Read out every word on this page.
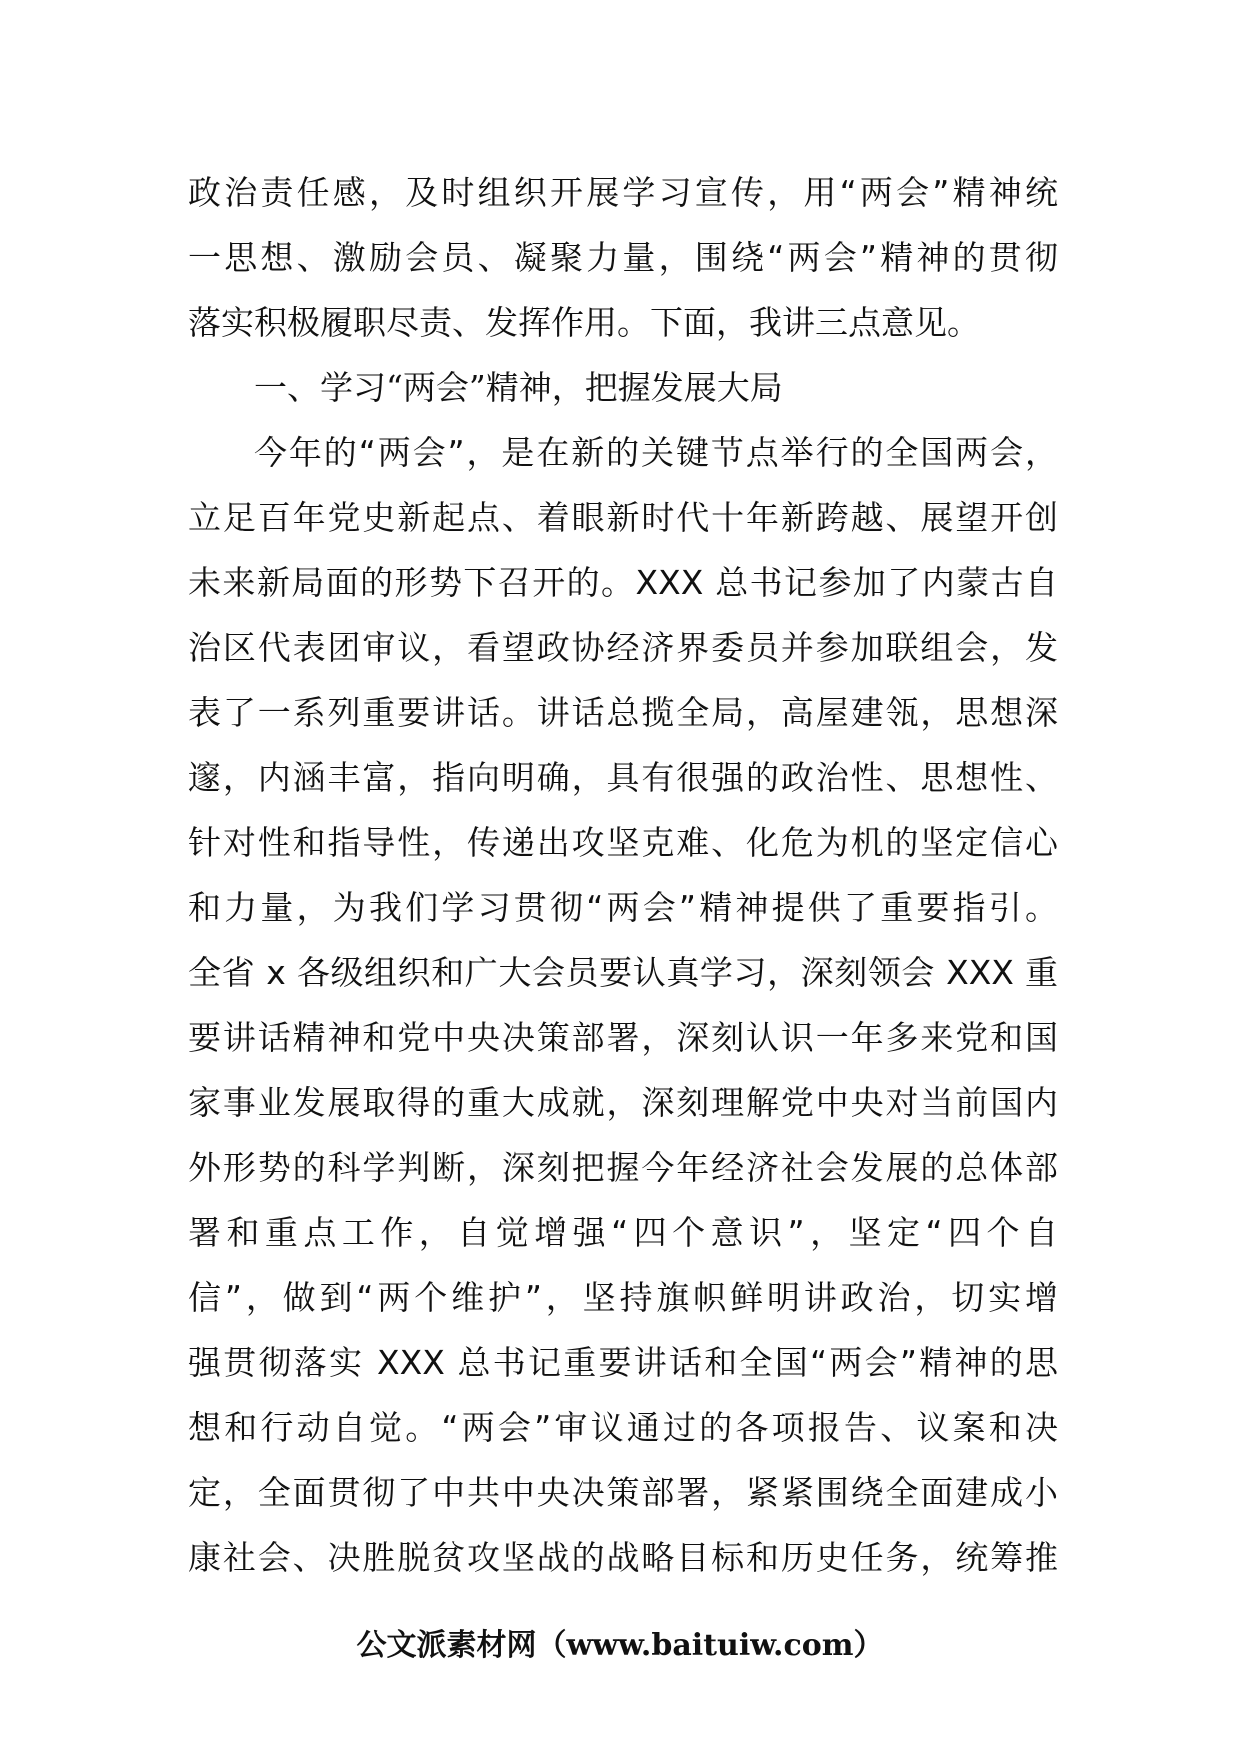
政治责任感，及时组织开展学习宣传，用“两会”精神统
一思想、激励会员、凝聚力量，围绕“两会”精神的贯彻
落实积极履职尽责、发挥作用。下面，我讲三点意见。
一、学习“两会”精神，把握发展大局
今年的“两会”，是在新的关键节点举行的全国两会，
立足百年党史新起点、着眼新时代十年新跨越、展望开创
未来新局面的形势下召开的。XXX 总书记参加了内蒙古自
治区代表团审议，看望政协经济界委员并参加联组会，发
表了一系列重要讲话。讲话总揽全局，高屋建瓴，思想深
邃，内涵丰富，指向明确，具有很强的政治性、思想性、
针对性和指导性，传递出攻坚克难、化危为机的坚定信心
和力量，为我们学习贯彻“两会”精神提供了重要指引。
全省 x 各级组织和广大会员要认真学习，深刻领会 XXX 重
要讲话精神和党中央决策部署，深刻认识一年多来党和国
家事业发展取得的重大成就，深刻理解党中央对当前国内
外形势的科学判断，深刻把握今年经济社会发展的总体部
署和重点工作，自觉增强“四个意识”，坚定“四个自
信”，做到“两个维护”，坚持旗帜鲜明讲政治，切实增
强贯彻落实 XXX 总书记重要讲话和全国“两会”精神的思
想和行动自觉。“两会”审议通过的各项报告、议案和决
定，全面贯彻了中共中央决策部署，紧紧围绕全面建成小
康社会、决胜脱贫攻坚战的战略目标和历史任务，统筹推
公文派素材网（www.baituiw.com）
